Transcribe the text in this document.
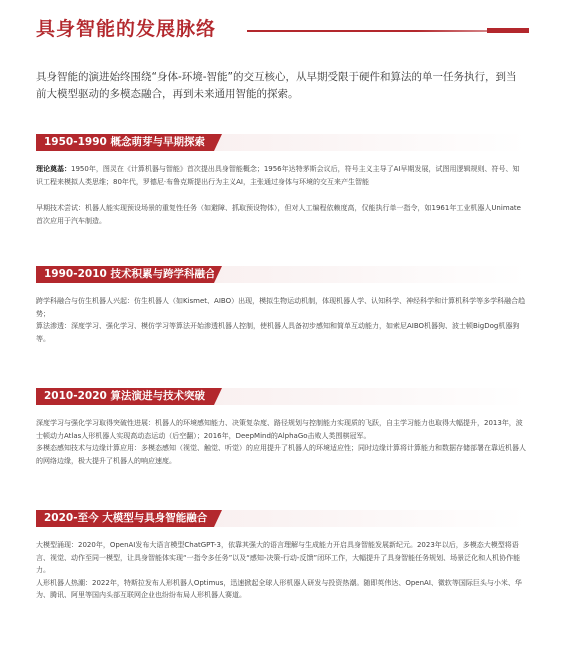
具身智能的发展脉络
具身智能的演进始终围绕“身体-环境-智能”的交互核心，从早期受限于硬件和算法的单一任务执行，到当前大模型驱动的多模态融合，再到未来通用智能的探索。
1950-1990 概念萌芽与早期探索

理论奠基：1950年，图灵在《计算机器与智能》首次提出具身智能概念；1956年达特茅斯会议后，符号主义主导了AI早期发展，试图用逻辑规则、符号、知识工程来模拟人类思维；80年代，罗德尼·布鲁克斯提出行为主义AI，主张通过身体与环境的交互来产生智能

早期技术尝试：机器人能实现预设场景的重复性任务（如避障、抓取预设物体），但对人工编程依赖度高，仅能执行单一指令，如1961年工业机器人Unimate首次应用于汽车制造。

1990-2010 技术积累与跨学科融合

跨学科融合与仿生机器人兴起：仿生机器人（如Kismet、AIBO）出现，模拟生物运动机制，体现机器人学、认知科学、神经科学和计算机科学等多学科融合趋势；

算法渗透：深度学习、强化学习、模仿学习等算法开始渗透机器人控制，使机器人具备初步感知和简单互动能力，如索尼AIBO机器狗、波士顿BigDog机器狗等。

2010-2020 算法演进与技术突破

深度学习与强化学习取得突破性进展：机器人的环境感知能力、决策复杂度、路径规划与控制能力实现质的飞跃，自主学习能力也取得大幅提升，2013年，波士顿动力Atlas人形机器人实现高动态运动（后空翻）；2016年，DeepMind的AlphaGo击败人类围棋冠军。

多模态感知技术与边缘计算应用：多模态感知（视觉、触觉、听觉）的应用提升了机器人的环境适应性；同时边缘计算将计算能力和数据存储部署在靠近机器人的网络边缘，极大提升了机器人的响应速度。

2020-至今 大模型与具身智能融合

大模型涌现：2020年，OpenAI发布大语言模型ChatGPT-3，依靠其强大的语言理解与生成能力开启具身智能发展新纪元。2023年以后，多模态大模型将语言、视觉、动作至同一模型，让具身智能体实现“一指令多任务”以及“感知-决策-行动-反馈”闭环工作，大幅提升了具身智能任务规划、场景泛化和人机协作能力。

人形机器人热潮：2022年，特斯拉发布人形机器人Optimus，迅速掀起全球人形机器人研发与投资热潮。随即英伟达、OpenAI、微软等国际巨头与小米、华为、腾讯、阿里等国内头部互联网企业也纷纷布局人形机器人赛道。
